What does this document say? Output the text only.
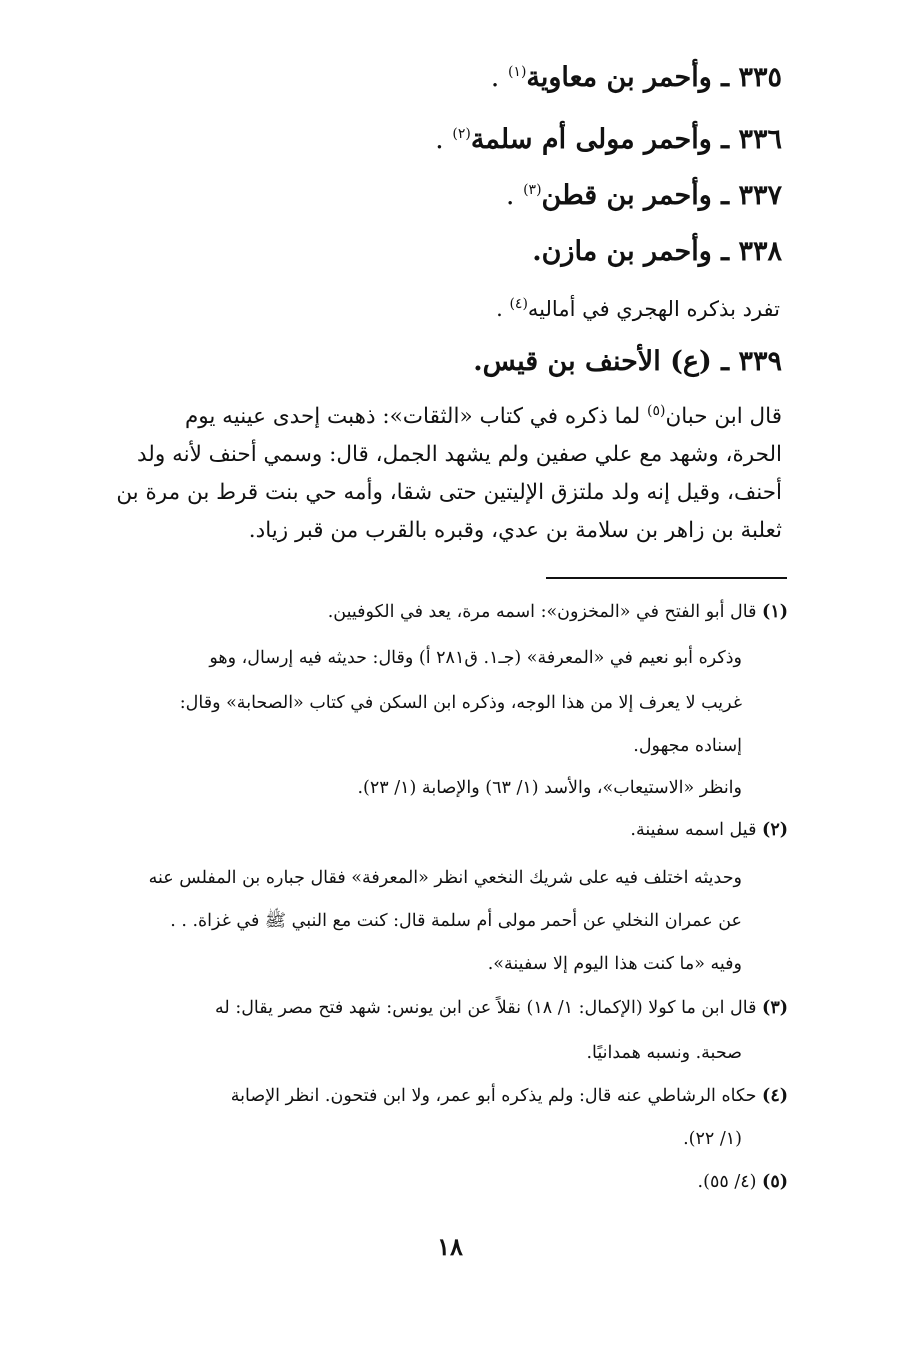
٣٣٥ ـ وأحمر بن معاوية$^{(١)}$ .
٣٣٦ ـ وأحمر مولى أم سلمة$^{(٢)}$ .
٣٣٧ ـ وأحمر بن قطن$^{(٣)}$ .
٣٣٨ ـ وأحمر بن مازن.
تفرد بذكره الهجري في أماليه$^{(٤)}$ .
٣٣٩ ـ (ع) الأحنف بن قيس.
قال ابن حبان$^{(٥)}$ لما ذكره في كتاب «الثقات»: ذهبت إحدى عينيه يوم
الحرة، وشهد مع علي صفين ولم يشهد الجمل، قال: وسمي أحنف لأنه ولد
أحنف، وقيل إنه ولد ملتزق الإليتين حتى شقا، وأمه حي بنت قرط بن مرة بن
ثعلبة بن زاهر بن سلامة بن عدي، وقبره بالقرب من قبر زياد.
(١) قال أبو الفتح في «المخزون»: اسمه مرة، يعد في الكوفيين.
وذكره أبو نعيم في «المعرفة» (جـ١. ق٢٨١ أ) وقال: حديثه فيه إرسال، وهو
غريب لا يعرف إلا من هذا الوجه، وذكره ابن السكن في كتاب «الصحابة» وقال:
إسناده مجهول.
وانظر «الاستيعاب»، والأسد (١/ ٦٣) والإصابة (١/ ٢٣).
(٢) قيل اسمه سفينة.
وحديثه اختلف فيه على شريك النخعي انظر «المعرفة» فقال جباره بن المفلس عنه
عن عمران النخلي عن أحمر مولى أم سلمة قال: كنت مع النبي ﷺ في غزاة. . .
وفيه «ما كنت هذا اليوم إلا سفينة».
(٣) قال ابن ما كولا (الإكمال: ١/ ١٨) نقلاً عن ابن يونس: شهد فتح مصر يقال: له
صحبة. ونسبه همدانيًا.
(٤) حكاه الرشاطي عنه قال: ولم يذكره أبو عمر، ولا ابن فتحون. انظر الإصابة
(١/ ٢٢).
(٥) (٤/ ٥٥).
١٨
